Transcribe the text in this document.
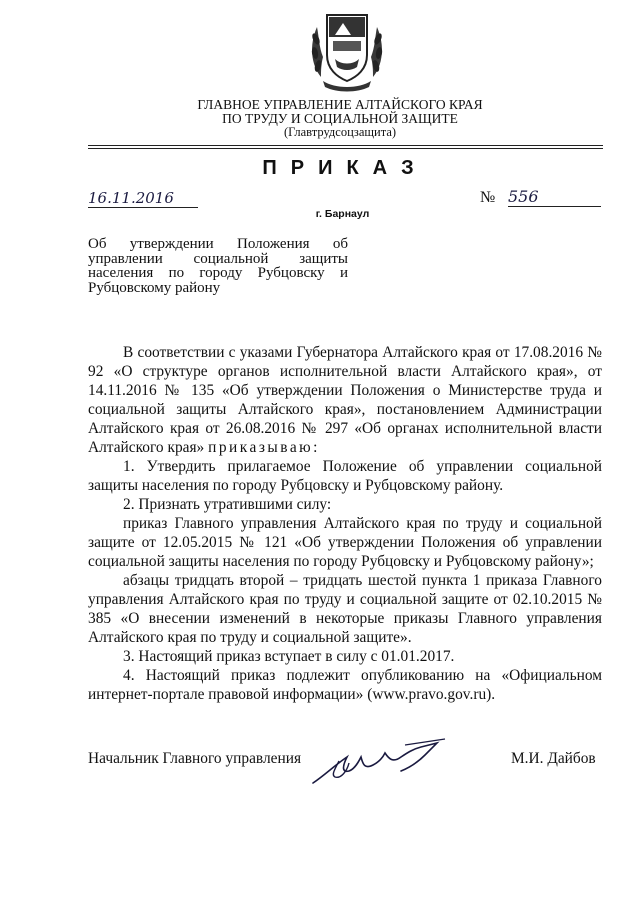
ГЛАВНОЕ УПРАВЛЕНИЕ АЛТАЙСКОГО КРАЯ
ПО ТРУДУ И СОЦИАЛЬНОЙ ЗАЩИТЕ
(Главтрудсоцзащита)
ПРИКАЗ
16.11.2016	№ 556
г. Барнаул
Об утверждении Положения об управлении социальной защиты населения по городу Рубцовску и Рубцовскому району

В соответствии с указами Губернатора Алтайского края от 17.08.2016 № 92 «О структуре органов исполнительной власти Алтайского края», от 14.11.2016 № 135 «Об утверждении Положения о Министерстве труда и социальной защиты Алтайского края», постановлением Администрации Алтайского края от 26.08.2016 № 297 «Об органах исполнительной власти Алтайского края» приказываю:

1. Утвердить прилагаемое Положение об управлении социальной защиты населения по городу Рубцовску и Рубцовскому району.

2. Признать утратившими силу:

приказ Главного управления Алтайского края по труду и социальной защите от 12.05.2015 № 121 «Об утверждении Положения об управлении социальной защиты населения по городу Рубцовску и Рубцовскому району»;

абзацы тридцать второй – тридцать шестой пункта 1 приказа Главного управления Алтайского края по труду и социальной защите от 02.10.2015 № 385 «О внесении изменений в некоторые приказы Главного управления Алтайского края по труду и социальной защите».

3. Настоящий приказ вступает в силу с 01.01.2017.

4. Настоящий приказ подлежит опубликованию на «Официальном интернет-портале правовой информации» (www.pravo.gov.ru).

Начальник Главного управления	М.И. Дайбов
